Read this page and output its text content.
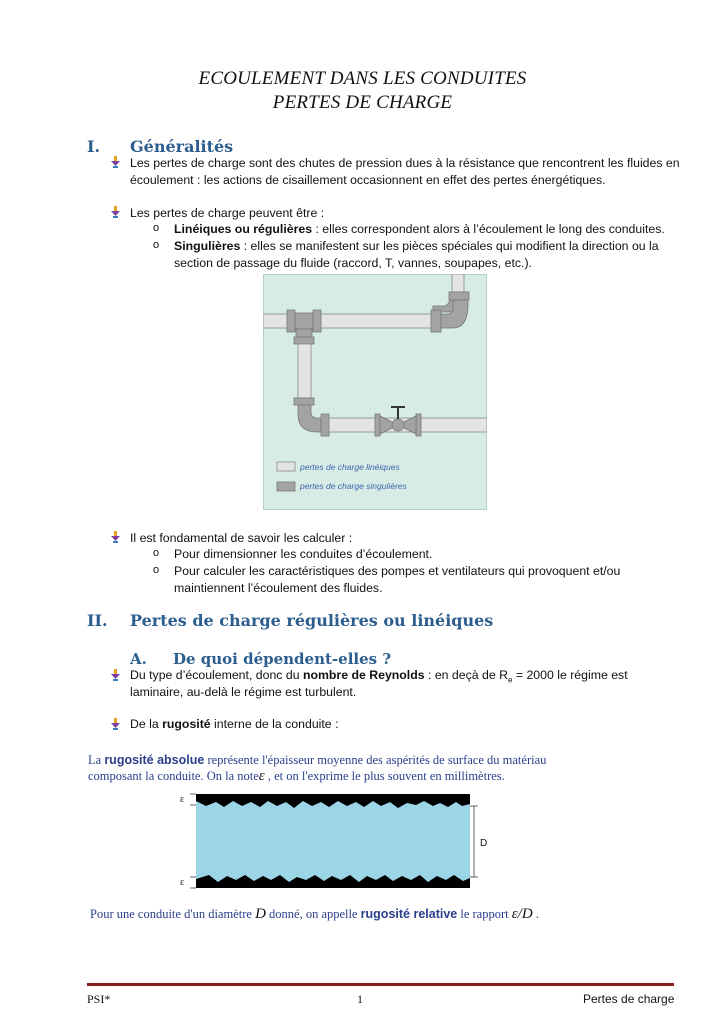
ECOULEMENT DANS LES CONDUITES
PERTES DE CHARGE
I. Généralités
Les pertes de charge sont des chutes de pression dues à la résistance que rencontrent les fluides en
écoulement : les actions de cisaillement occasionnent en effet des pertes énergétiques.
Les pertes de charge peuvent être :
o Linéiques ou régulières : elles correspondent alors à l’écoulement le long des conduites.
o Singulières : elles se manifestent sur les pièces spéciales qui modifient la direction ou la
section de passage du fluide (raccord, T, vannes, soupapes, etc.).
pertes de charge linéiques
pertes de charge singulières
Il est fondamental de savoir les calculer :
o Pour dimensionner les conduites d’écoulement.
o Pour calculer les caractéristiques des pompes et ventilateurs qui provoquent et/ou
maintiennent l’écoulement des fluides.
II. Pertes de charge régulières ou linéiques
A. De quoi dépendent-elles ?
Du type d’écoulement, donc du nombre de Reynolds : en deçà de $R_e = 2000$ le régime est
laminaire, au-delà le régime est turbulent.
De la rugosité interne de la conduite :
La rugosité absolue représente l'épaisseur moyenne des aspérités de surface du matériau
composant la conduite. On la noteε , et on l'exprime le plus souvent en millimètres.
ε
ε
D
Pour une conduite d'un diamètre D donné, on appelle rugosité relative le rapport ε/D .
PSI*	1	Pertes de charge
